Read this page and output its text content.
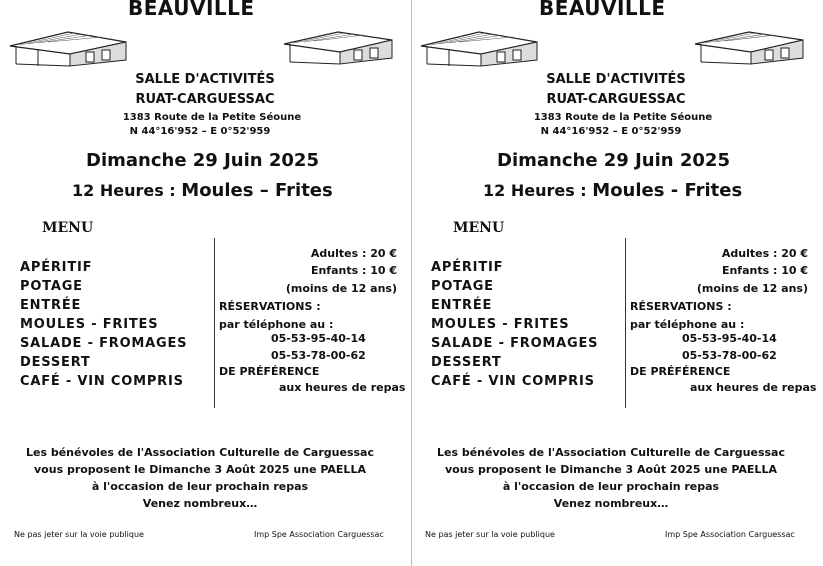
BEAUVILLE
SALLE D'ACTIVITÉS
RUAT-CARGUESSAC
1383 Route de la Petite Séoune
N 44°16'952 – E 0°52'959
Dimanche 29 Juin 2025
12 Heures : Moules – Frites
MENU
APÉRITIF
POTAGE
ENTRÉE
MOULES - FRITES
SALADE - FROMAGES
DESSERT
CAFÉ - VIN COMPRIS
Adultes : 20 €
Enfants : 10 €
(moins de 12 ans)
RÉSERVATIONS :
par téléphone au :
05-53-95-40-14
05-53-78-00-62
DE PRÉFÉRENCE
aux heures de repas
Les bénévoles de l'Association Culturelle de Carguessac
vous proposent le Dimanche 3 Août 2025 une PAELLA
à l'occasion de leur prochain repas
Venez nombreux…
Ne pas jeter sur la voie publique	Imp Spe Association Carguessac
BEAUVILLE
SALLE D'ACTIVITÉS
RUAT-CARGUESSAC
1383 Route de la Petite Séoune
N 44°16'952 – E 0°52'959
Dimanche 29 Juin 2025
12 Heures : Moules - Frites
MENU
APÉRITIF
POTAGE
ENTRÉE
MOULES - FRITES
SALADE - FROMAGES
DESSERT
CAFÉ - VIN COMPRIS
Adultes : 20 €
Enfants : 10 €
(moins de 12 ans)
RÉSERVATIONS :
par téléphone au :
05-53-95-40-14
05-53-78-00-62
DE PRÉFÉRENCE
aux heures de repas
Les bénévoles de l'Association Culturelle de Carguessac
vous proposent le Dimanche 3 Août 2025 une PAELLA
à l'occasion de leur prochain repas
Venez nombreux…
Ne pas jeter sur la voie publique	Imp Spe Association Carguessac
